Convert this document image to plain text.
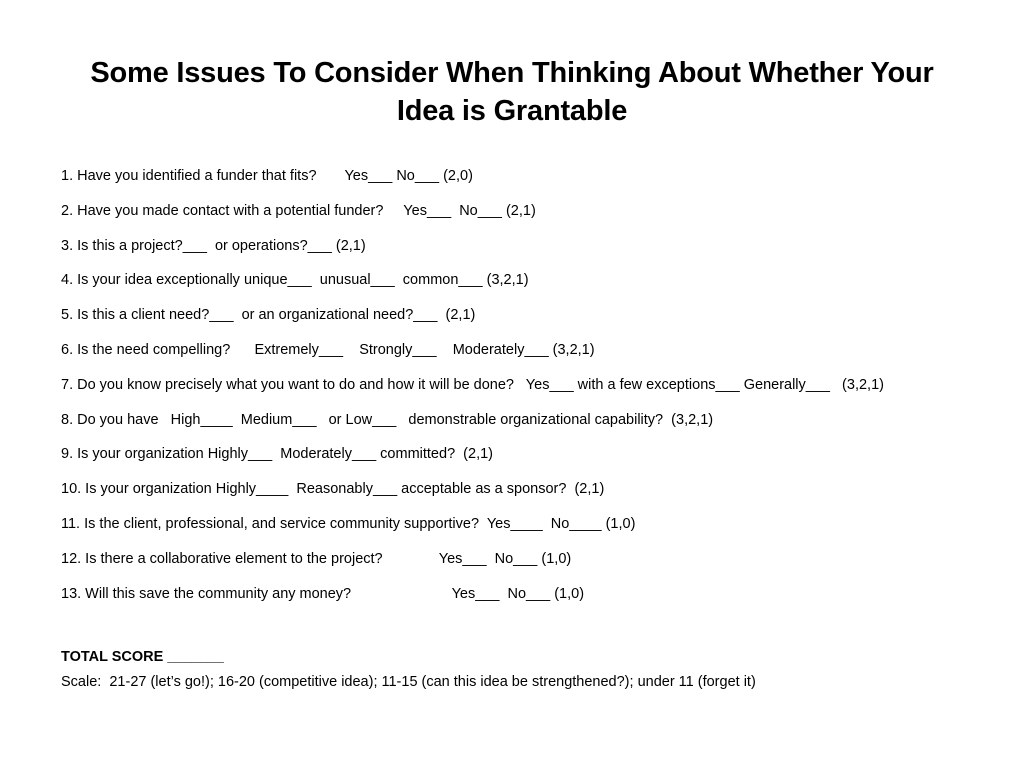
Some Issues To Consider When Thinking About Whether Your Idea is Grantable
1. Have you identified a funder that fits?       Yes___ No___ (2,0)
2. Have you made contact with a potential funder?     Yes___  No___ (2,1)
3. Is this a project?___  or operations?___ (2,1)
4. Is your idea exceptionally unique___  unusual___  common___ (3,2,1)
5. Is this a client need?___  or an organizational need?___  (2,1)
6. Is the need compelling?      Extremely___    Strongly___    Moderately___ (3,2,1)
7. Do you know precisely what you want to do and how it will be done?   Yes___ with a few exceptions___ Generally___   (3,2,1)
8. Do you have   High____  Medium___   or Low___   demonstrable organizational capability?  (3,2,1)
9. Is your organization Highly___  Moderately___ committed?  (2,1)
10. Is your organization Highly____  Reasonably___ acceptable as a sponsor?  (2,1)
11. Is the client, professional, and service community supportive?  Yes____  No____ (1,0)
12. Is there a collaborative element to the project?              Yes___  No___ (1,0)
13. Will this save the community any money?                         Yes___  No___ (1,0)
TOTAL SCORE _______
Scale:  21-27 (let’s go!); 16-20 (competitive idea); 11-15 (can this idea be strengthened?); under 11 (forget it)
